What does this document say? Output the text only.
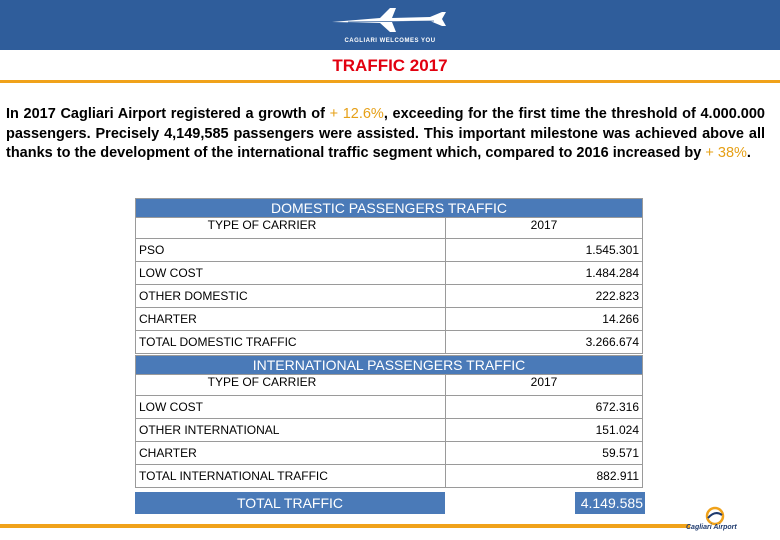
CAGLIARI WELCOMES YOU
TRAFFIC 2017
In 2017 Cagliari Airport registered a growth of + 12.6%, exceeding for the first time the threshold of 4.000.000 passengers. Precisely 4,149,585 passengers were assisted. This important milestone was achieved above all thanks to the development of the international traffic segment which, compared to 2016 increased by + 38%.
DOMESTIC PASSENGERS TRAFFIC	
TYPE OF CARRIER	2017
PSO	1.545.301
LOW COST	1.484.284
OTHER DOMESTIC	222.823
CHARTER	14.266
TOTAL DOMESTIC TRAFFIC	3.266.674
INTERNATIONAL PASSENGERS TRAFFIC	
TYPE OF CARRIER	2017
LOW COST	672.316
OTHER INTERNATIONAL	151.024
CHARTER	59.571
TOTAL INTERNATIONAL TRAFFIC	882.911
TOTAL TRAFFIC	4.149.585
Cagliari Airport
